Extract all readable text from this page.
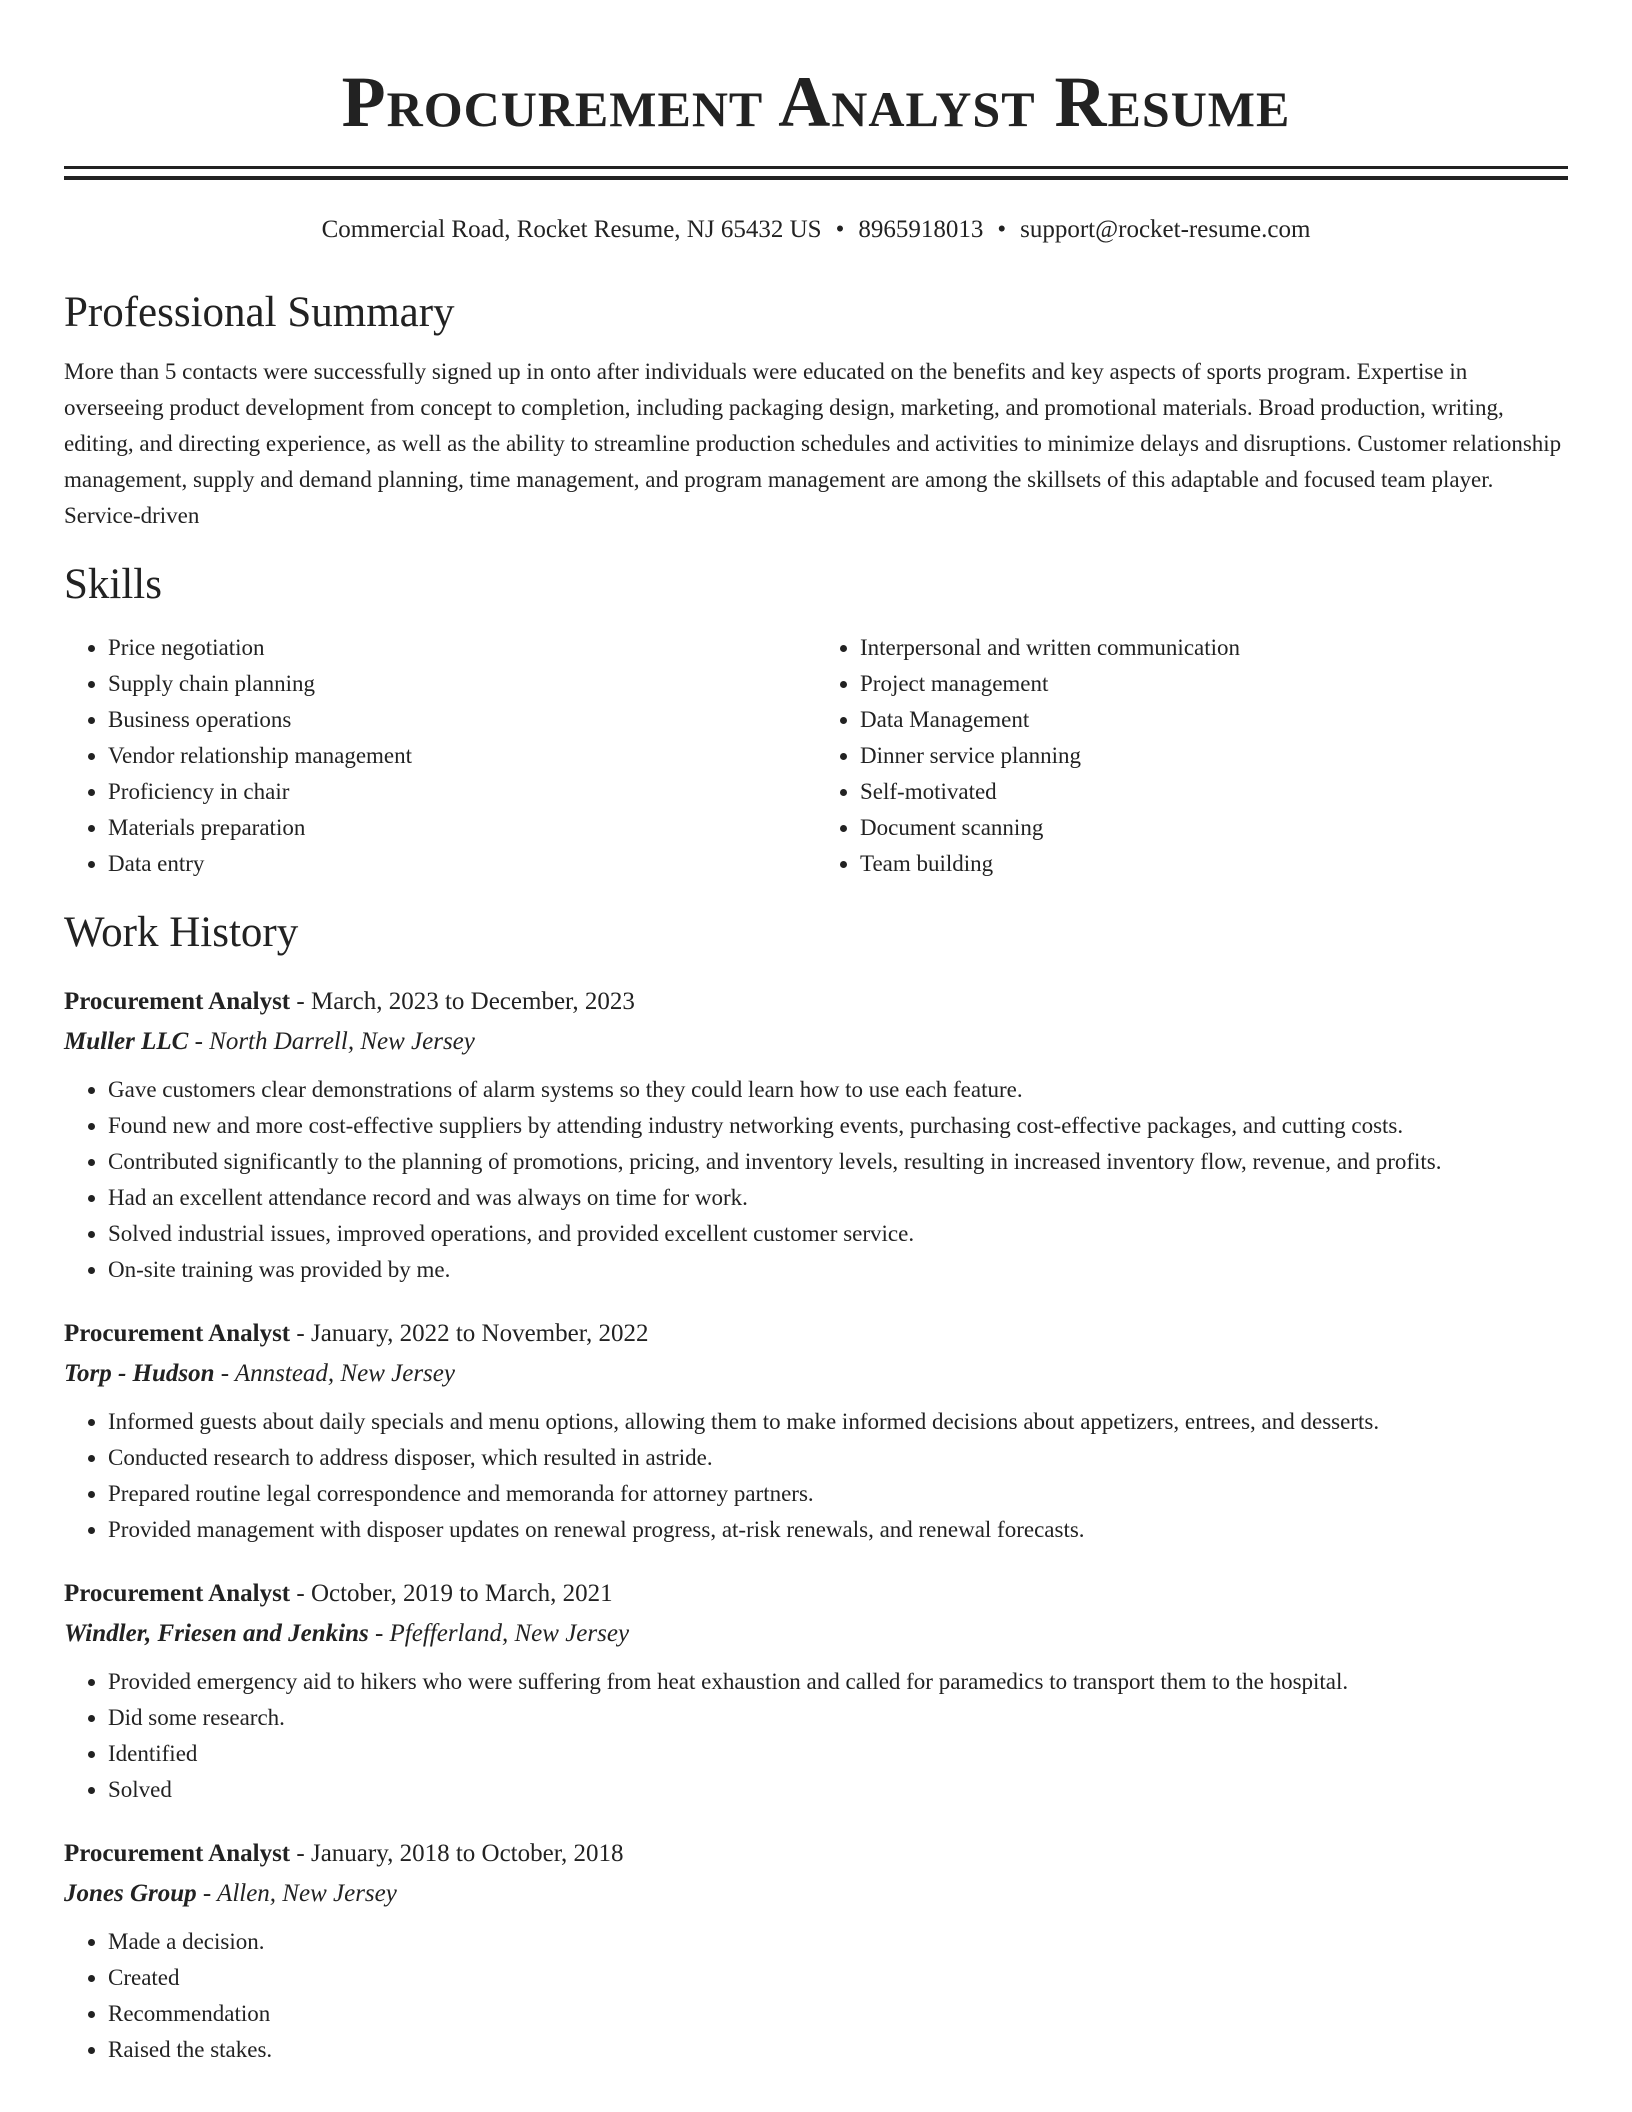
Procurement Analyst Resume
Commercial Road, Rocket Resume, NJ 65432 US • 8965918013 • support@rocket-resume.com
Professional Summary

More than 5 contacts were successfully signed up in onto after individuals were educated on the benefits and key aspects of sports program. Expertise in overseeing product development from concept to completion, including packaging design, marketing, and promotional materials. Broad production, writing, editing, and directing experience, as well as the ability to streamline production schedules and activities to minimize delays and disruptions. Customer relationship management, supply and demand planning, time management, and program management are among the skillsets of this adaptable and focused team player. Service-driven

Skills
• Price negotiation
• Supply chain planning
• Business operations
• Vendor relationship management
• Proficiency in chair
• Materials preparation
• Data entry
• Interpersonal and written communication
• Project management
• Data Management
• Dinner service planning
• Self-motivated
• Document scanning
• Team building
Work History
Procurement Analyst - March, 2023 to December, 2023
Muller LLC - North Darrell, New Jersey
• Gave customers clear demonstrations of alarm systems so they could learn how to use each feature.
• Found new and more cost-effective suppliers by attending industry networking events, purchasing cost-effective packages, and cutting costs.
• Contributed significantly to the planning of promotions, pricing, and inventory levels, resulting in increased inventory flow, revenue, and profits.
• Had an excellent attendance record and was always on time for work.
• Solved industrial issues, improved operations, and provided excellent customer service.
• On-site training was provided by me.
Procurement Analyst - January, 2022 to November, 2022
Torp - Hudson - Annstead, New Jersey
• Informed guests about daily specials and menu options, allowing them to make informed decisions about appetizers, entrees, and desserts.
• Conducted research to address disposer, which resulted in astride.
• Prepared routine legal correspondence and memoranda for attorney partners.
• Provided management with disposer updates on renewal progress, at-risk renewals, and renewal forecasts.
Procurement Analyst - October, 2019 to March, 2021
Windler, Friesen and Jenkins - Pfefferland, New Jersey
• Provided emergency aid to hikers who were suffering from heat exhaustion and called for paramedics to transport them to the hospital.
• Did some research.
• Identified
• Solved
Procurement Analyst - January, 2018 to October, 2018
Jones Group - Allen, New Jersey
• Made a decision.
• Created
• Recommendation
• Raised the stakes.
